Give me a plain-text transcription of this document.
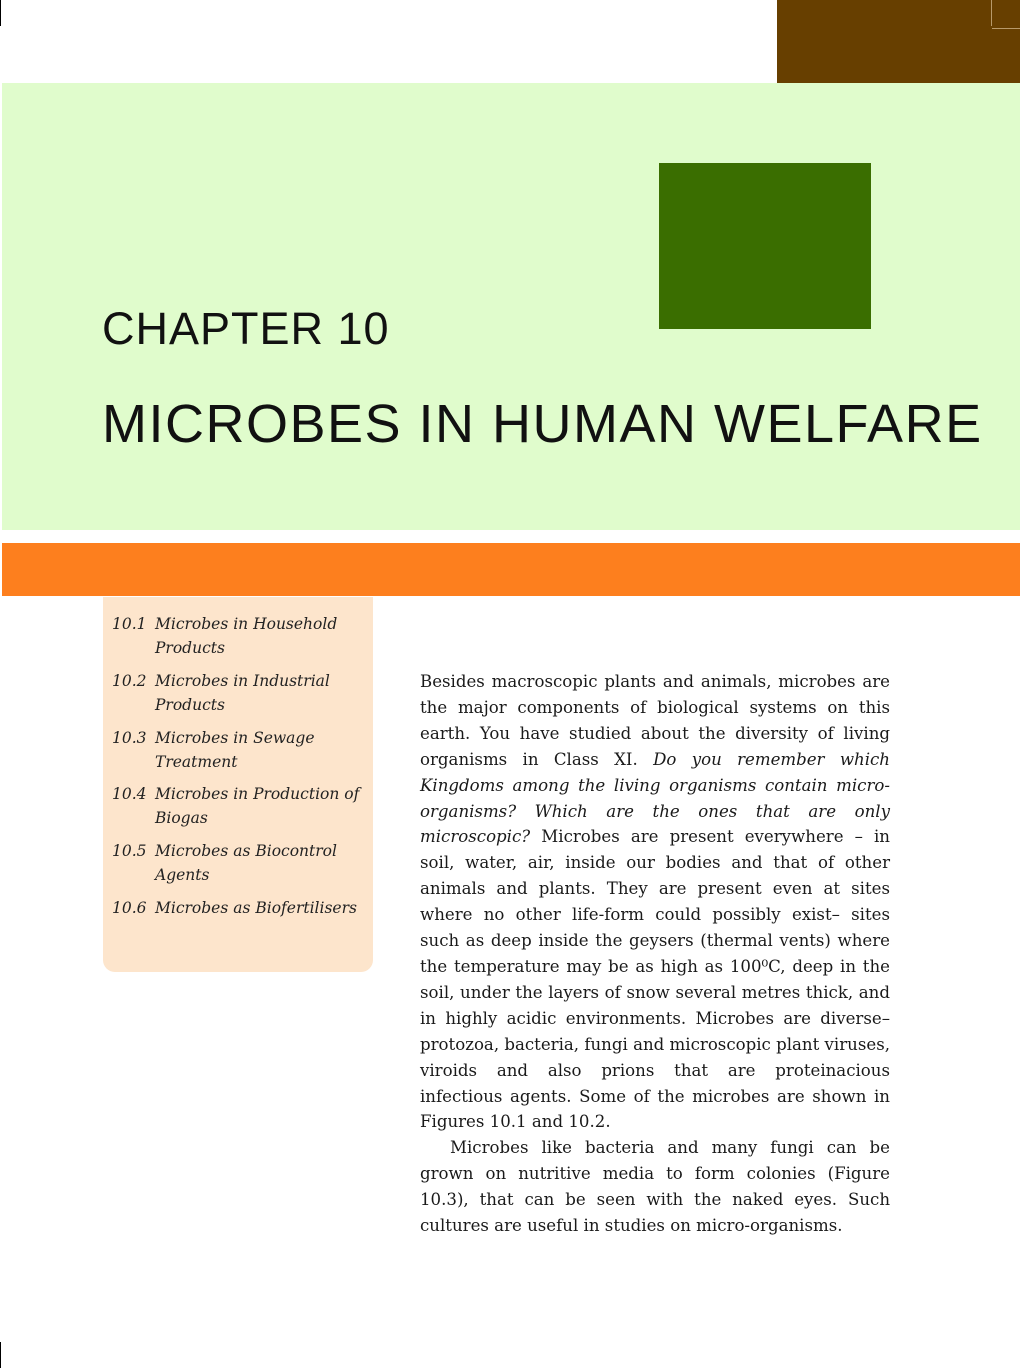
CHAPTER 10
MICROBES IN HUMAN WELFARE
10.1 Microbes in Household Products
10.2 Microbes in Industrial Products
10.3 Microbes in Sewage Treatment
10.4 Microbes in Production of Biogas
10.5 Microbes as Biocontrol Agents
10.6 Microbes as Biofertilisers

Besides macroscopic plants and animals, microbes are the major components of biological systems on this earth. You have studied about the diversity of living organisms in Class XI. Do you remember which Kingdoms among the living organisms contain micro-organisms? Which are the ones that are only microscopic? Microbes are present everywhere – in soil, water, air, inside our bodies and that of other animals and plants. They are present even at sites where no other life-form could possibly exist– sites such as deep inside the geysers (thermal vents) where the temperature may be as high as 100⁰C, deep in the soil, under the layers of snow several metres thick, and in highly acidic environments. Microbes are diverse–protozoa, bacteria, fungi and microscopic plant viruses, viroids and also prions that are proteinacious infectious agents. Some of the microbes are shown in Figures 10.1 and 10.2.

Microbes like bacteria and many fungi can be grown on nutritive media to form colonies (Figure 10.3), that can be seen with the naked eyes. Such cultures are useful in studies on micro-organisms.
